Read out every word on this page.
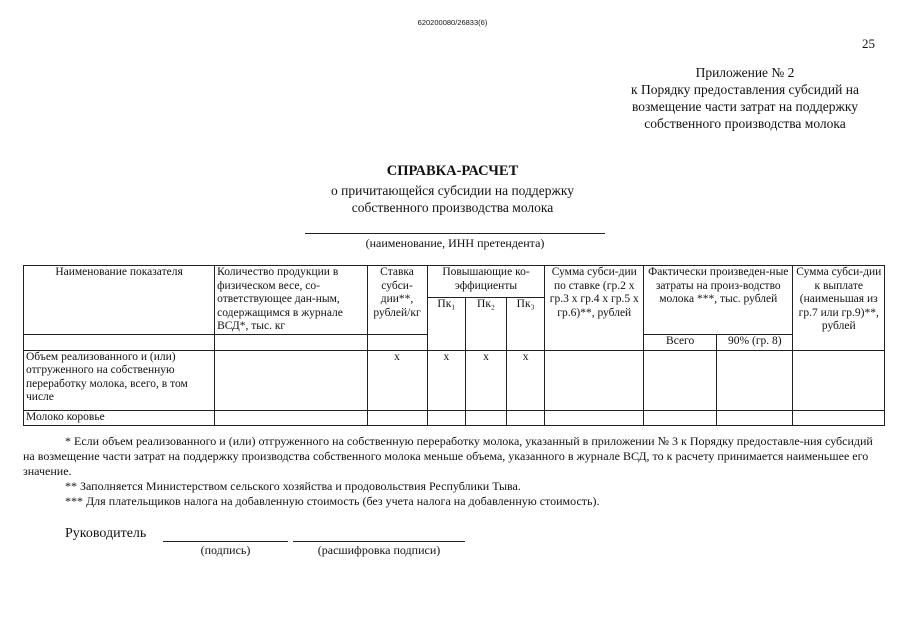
620200080/26833(6)
25
Приложение № 2
к Порядку предоставления субсидий на
возмещение части затрат на поддержку
собственного производства молока
СПРАВКА-РАСЧЕТ
о причитающейся субсидии на поддержку
собственного производства молока
(наименование, ИНН претендента)
Наименование показателя	Количество продукции в физическом весе, со-ответствующее дан-ным, содержащимся в журнале ВСД*, тыс. кг	Ставка субси-дии**, рублей/кг	Повышающие ко-эффициенты			Сумма субси-дии по ставке (гр.2 х гр.3 х гр.4 х гр.5 х гр.6)**, рублей	Фактически произведен-ные затраты на произ-водство молока ***, тыс. рублей		Сумма субси-дии к выплате (наименьшая из гр.7 или гр.9)**, рублей
			Пк₁	Пк₂	Пк₃				
							Всего	90% (гр. 8)	
Объем реализованного и (или) отгруженного на собственную переработку молока, всего, в том числе		х	х	х	х				
Молоко коровье									

* Если объем реализованного и (или) отгруженного на собственную переработку молока, указанный в приложении № 3 к Порядку предоставле-ния субсидий на возмещение части затрат на поддержку производства собственного молока меньше объема, указанного в журнале ВСД, то к расчету принимается наименьшее его значение.

** Заполняется Министерством сельского хозяйства и продовольствия Республики Тыва.

*** Для плательщиков налога на добавленную стоимость (без учета налога на добавленную стоимость).

Руководитель
(подпись)	(расшифровка подписи)
